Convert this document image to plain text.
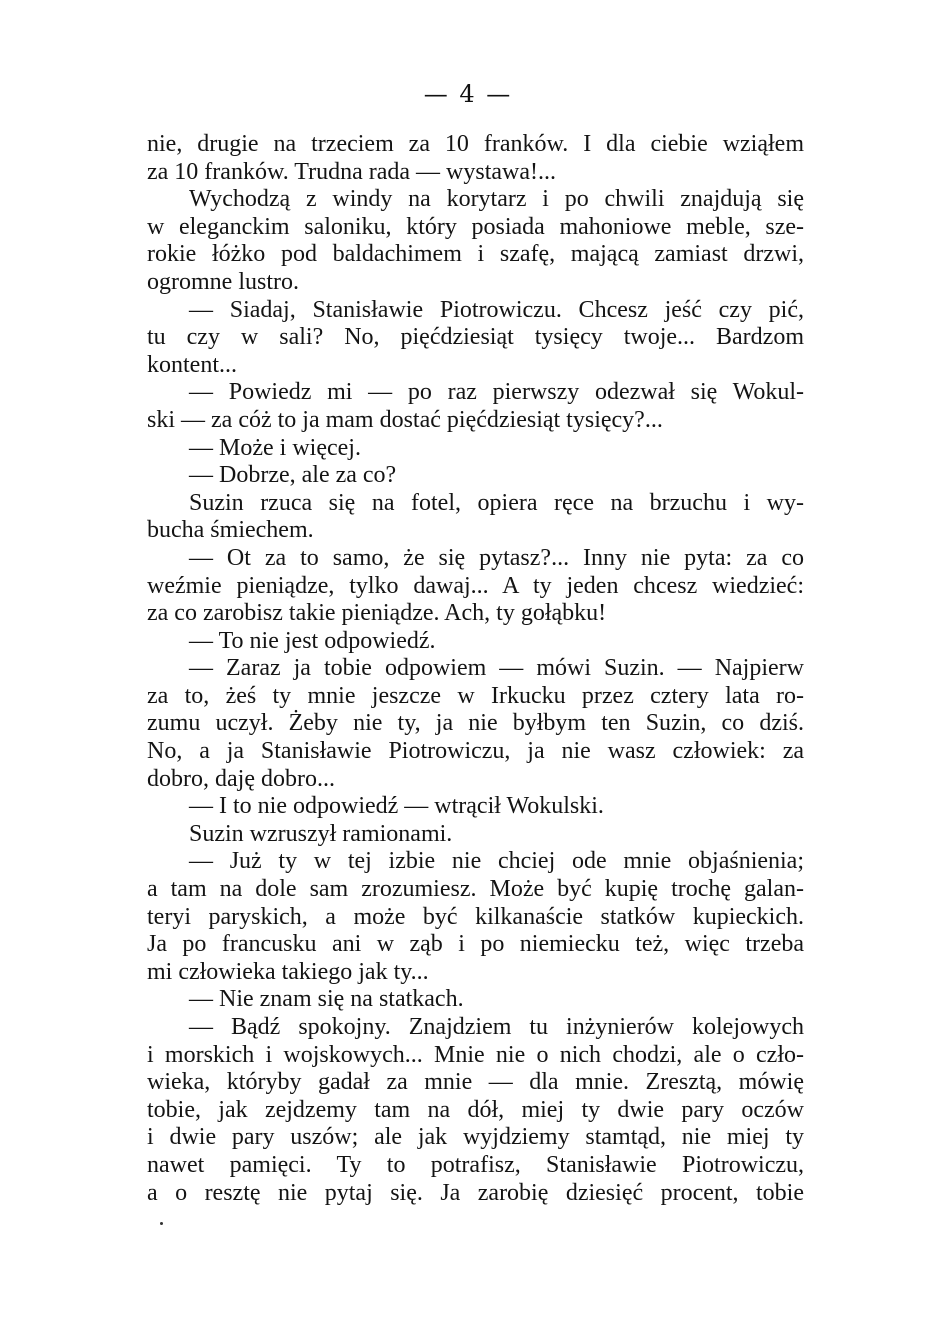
— 4 —
nie, drugie na trzeciem za 10 franków. I dla ciebie wziąłem
za 10 franków. Trudna rada — wystawa!...
Wychodzą z windy na korytarz i po chwili znajdują się
w eleganckim saloniku, który posiada mahoniowe meble, sze-
rokie łóżko pod baldachimem i szafę, mającą zamiast drzwi,
ogromne lustro.
— Siadaj, Stanisławie Piotrowiczu. Chcesz jeść czy pić,
tu czy w sali? No, pięćdziesiąt tysięcy twoje... Bardzom
kontent...
— Powiedz mi — po raz pierwszy odezwał się Wokul-
ski — za cóż to ja mam dostać pięćdziesiąt tysięcy?...
— Może i więcej.
— Dobrze, ale za co?
Suzin rzuca się na fotel, opiera ręce na brzuchu i wy-
bucha śmiechem.
— Ot za to samo, że się pytasz?... Inny nie pyta: za co
weźmie pieniądze, tylko dawaj... A ty jeden chcesz wiedzieć:
za co zarobisz takie pieniądze. Ach, ty gołąbku!
— To nie jest odpowiedź.
— Zaraz ja tobie odpowiem — mówi Suzin. — Najpierw
za to, żeś ty mnie jeszcze w Irkucku przez cztery lata ro-
zumu uczył. Żeby nie ty, ja nie byłbym ten Suzin, co dziś.
No, a ja Stanisławie Piotrowiczu, ja nie wasz człowiek: za
dobro, daję dobro...
— I to nie odpowiedź — wtrącił Wokulski.
Suzin wzruszył ramionami.
— Już ty w tej izbie nie chciej ode mnie objaśnienia;
a tam na dole sam zrozumiesz. Może być kupię trochę galan-
teryi paryskich, a może być kilkanaście statków kupieckich.
Ja po francusku ani w ząb i po niemiecku też, więc trzeba
mi człowieka takiego jak ty...
— Nie znam się na statkach.
— Bądź spokojny. Znajdziem tu inżynierów kolejowych
i morskich i wojskowych... Mnie nie o nich chodzi, ale o czło-
wieka, któryby gadał za mnie — dla mnie. Zresztą, mówię
tobie, jak zejdzemy tam na dół, miej ty dwie pary oczów
i dwie pary uszów; ale jak wyjdziemy stamtąd, nie miej ty
nawet pamięci. Ty to potrafisz, Stanisławie Piotrowiczu,
a o resztę nie pytaj się. Ja zarobię dziesięć procent, tobie
